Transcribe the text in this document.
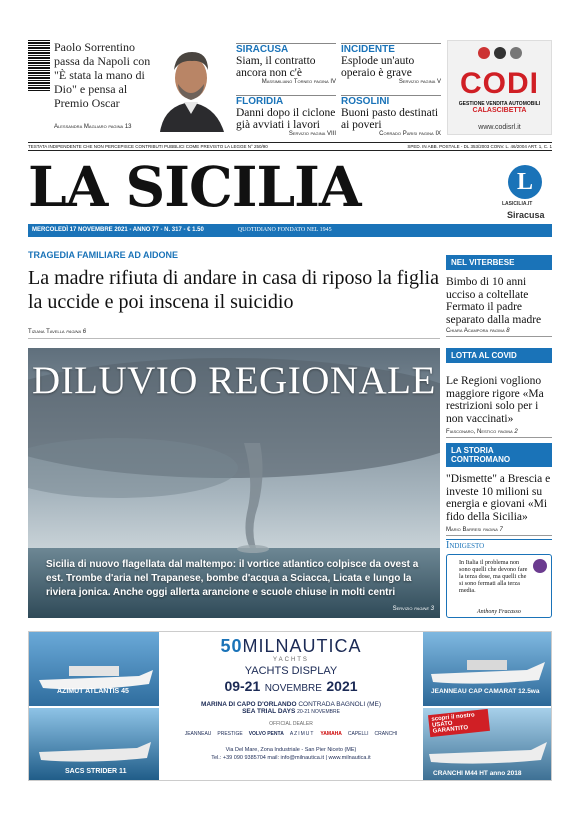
Paolo Sorrentino passa da Napoli con "È stata la mano di Dio" e pensa al Premio Oscar
Alessandra Magliaro pagina 13
SIRACUSA
Siam, il contratto ancora non c'è
Massimiliano Torneo pagina IV
INCIDENTE
Esplode un'auto operaio è grave
Servizio pagina V
FLORIDIA
Danni dopo il ciclone già avviati i lavori
Servizio pagina VIII
ROSOLINI
Buoni pasto destinati ai poveri
Corrado Parisi pagina IX
CODI
GESTIONE VENDITA AUTOMOBILI
CALASCIBETTA
www.codisrl.it
TESTATA INDIPENDENTE CHE NON PERCEPISCE CONTRIBUTI PUBBLICI COME PREVISTO LA LEGGE N° 250/90	SPED. IN ABB. POSTALE - DL 353/2003 CONV. L. 46/2004 ART. 1, C. 1
LA SICILIA	L
LASICILIA.IT
Siracusa
MERCOLEDÌ 17 NOVEMBRE 2021 - ANNO 77 - N. 317 - € 1.50	QUOTIDIANO FONDATO NEL 1945
TRAGEDIA FAMILIARE AD AIDONE
La madre rifiuta di andare in casa di riposo la figlia la uccide e poi inscena il suicidio
Tiziana Tavella pagina 6
DILUVIO REGIONALE
Sicilia di nuovo flagellata dal maltempo: il vortice atlantico colpisce da ovest a est. Trombe d'aria nel Trapanese, bombe d'acqua a Sciacca, Licata e lungo la riviera jonica. Anche oggi allerta arancione e scuole chiuse in molti centri
Servizio pagine 3
NEL VITERBESE
Bimbo di 10 anni ucciso a coltellate Fermato il padre separato dalla madre
Chiara Acampora pagina 8
LOTTA AL COVID
Le Regioni vogliono maggiore rigore «Ma restrizioni solo per i non vaccinati»
Fiasconaro, Nestico pagina 2
LA STORIA CONTROMANO
"Dismette" a Brescia e investe 10 milioni su energia e giovani «Mi fido della Sicilia»
Mario Barresi pagina 7
Indigesto
In Italia il problema non sono quelli che devono fare la terza dose, ma quelli che si sono fermati alla terza media.
Anthony Fracasso
AZIMUT ATLANTIS 45
SACS STRIDER 11
50MILNAUTICA
YACHTS
YACHTS DISPLAY
09-21 NOVEMBRE 2021
MARINA DI CAPO D'ORLANDO CONTRADA BAGNOLI (ME)
SEA TRIAL DAYS 20-21 NOVEMBRE
OFFICIAL DEALER
JEANNEAU PRESTIGE VOLVO PENTA AZIMUT YAMAHA CAPELLI CRANCHI
Via Del Mare, Zona Industriale - San Pier Niceto (ME)
Tel.: +39 090 9385704 mail: info@milnautica.it | www.milnautica.it
JEANNEAU CAP CAMARAT 12.5wa
scopri il nostro USATO GARANTITO
CRANCHI M44 HT anno 2018
